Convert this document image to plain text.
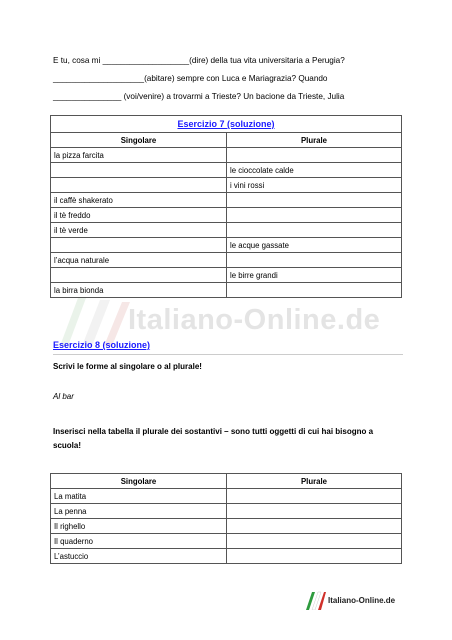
E tu, cosa mi ___________________(dire) della tua vita universitaria a Perugia?

____________________(abitare) sempre con Luca e Mariagrazia? Quando

_______________ (voi/venire) a trovarmi a Trieste? Un bacione da Trieste, Julia

Esercizio 7 (soluzione)	
Singolare	Plurale
la pizza farcita	
	le cioccolate calde
	i vini rossi
il caffè shakerato	
il tè freddo	
il tè verde	
	le acque gassate
l’acqua naturale	
	le birre grandi
la birra bionda	
Italiano-Online.de
Esercizio 8 (soluzione)

Scrivi le forme al singolare o al plurale!

Al bar

Inserisci nella tabella il plurale dei sostantivi – sono tutti oggetti di cui hai bisogno a scuola!

Singolare	Plurale
La matita	
La penna	
Il righello	
Il quaderno	
L’astuccio	
Italiano-Online.de
